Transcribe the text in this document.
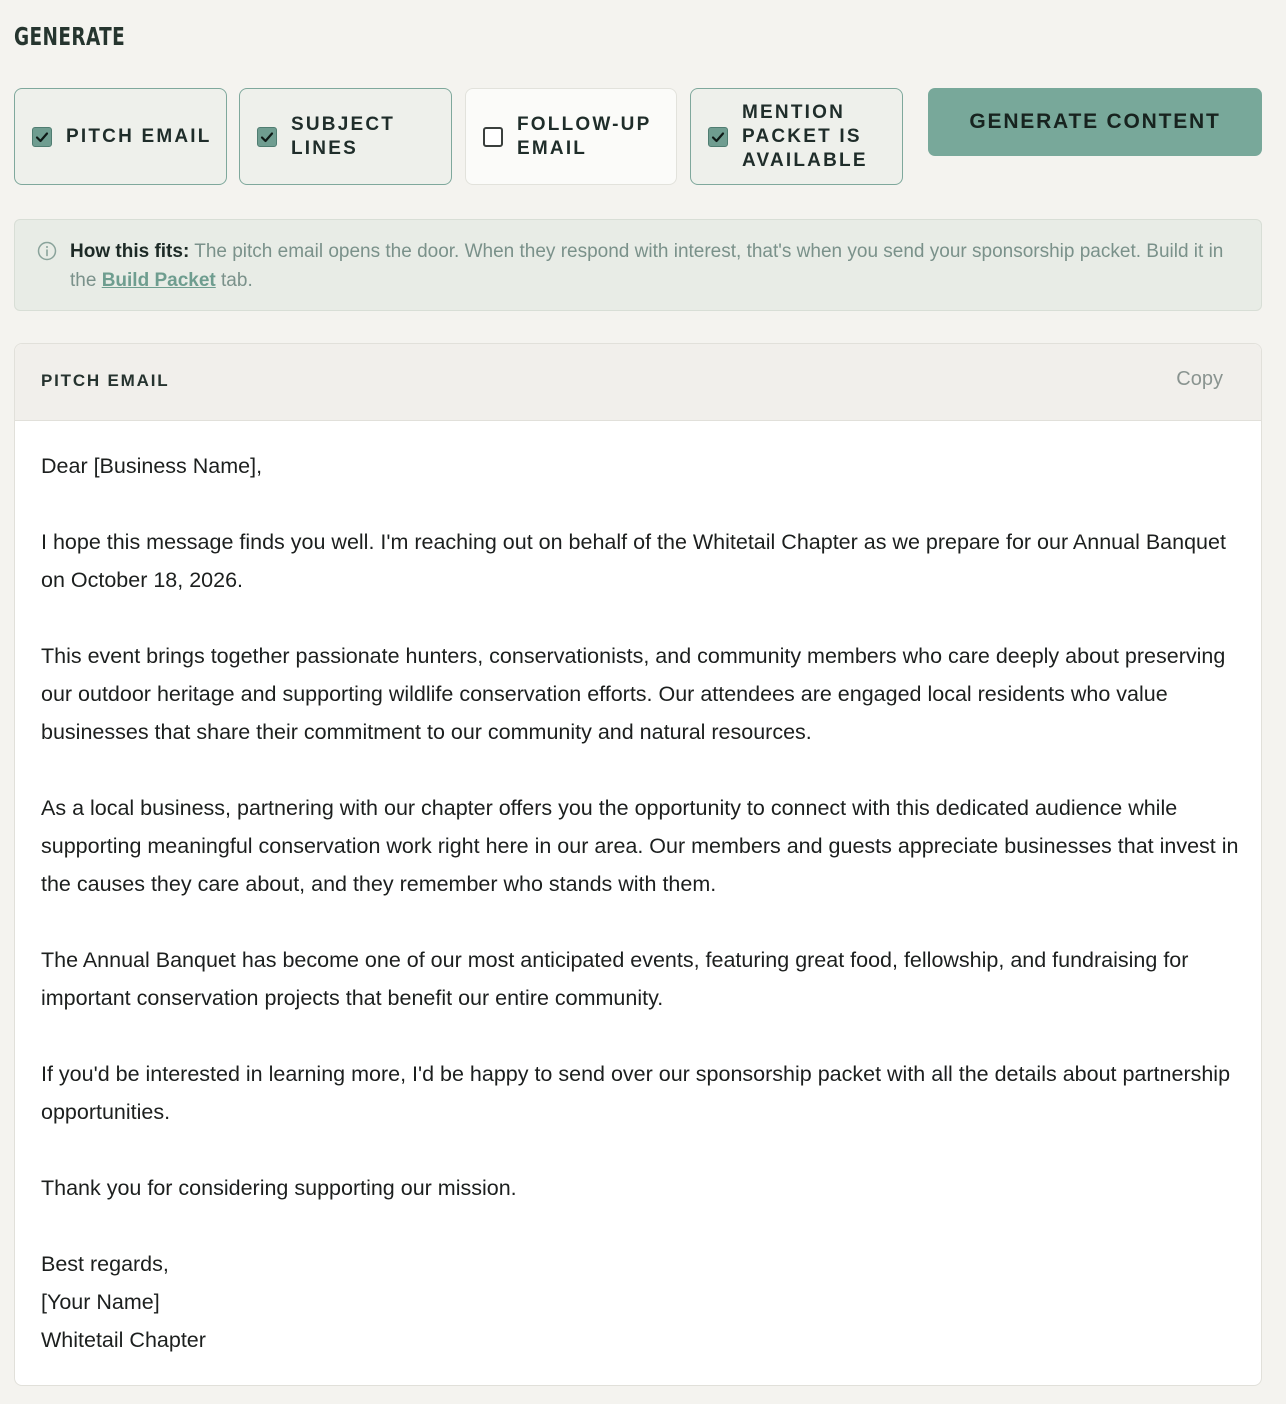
GENERATE
PITCH EMAIL
SUBJECT
LINES
FOLLOW-UP
EMAIL
MENTION
PACKET IS
AVAILABLE
GENERATE CONTENT
How this fits: The pitch email opens the door. When they respond with interest, that's when you send your sponsorship packet. Build it in the Build Packet tab.
PITCH EMAIL	Copy

Dear [Business Name],

I hope this message finds you well. I'm reaching out on behalf of the Whitetail Chapter as we prepare for our Annual Banquet on October 18, 2026.

This event brings together passionate hunters, conservationists, and community members who care deeply about preserving our outdoor heritage and supporting wildlife conservation efforts. Our attendees are engaged local residents who value businesses that share their commitment to our community and natural resources.

As a local business, partnering with our chapter offers you the opportunity to connect with this dedicated audience while supporting meaningful conservation work right here in our area. Our members and guests appreciate businesses that invest in the causes they care about, and they remember who stands with them.

The Annual Banquet has become one of our most anticipated events, featuring great food, fellowship, and fundraising for important conservation projects that benefit our entire community.

If you'd be interested in learning more, I'd be happy to send over our sponsorship packet with all the details about partnership opportunities.

Thank you for considering supporting our mission.

Best regards,

[Your Name]

Whitetail Chapter
